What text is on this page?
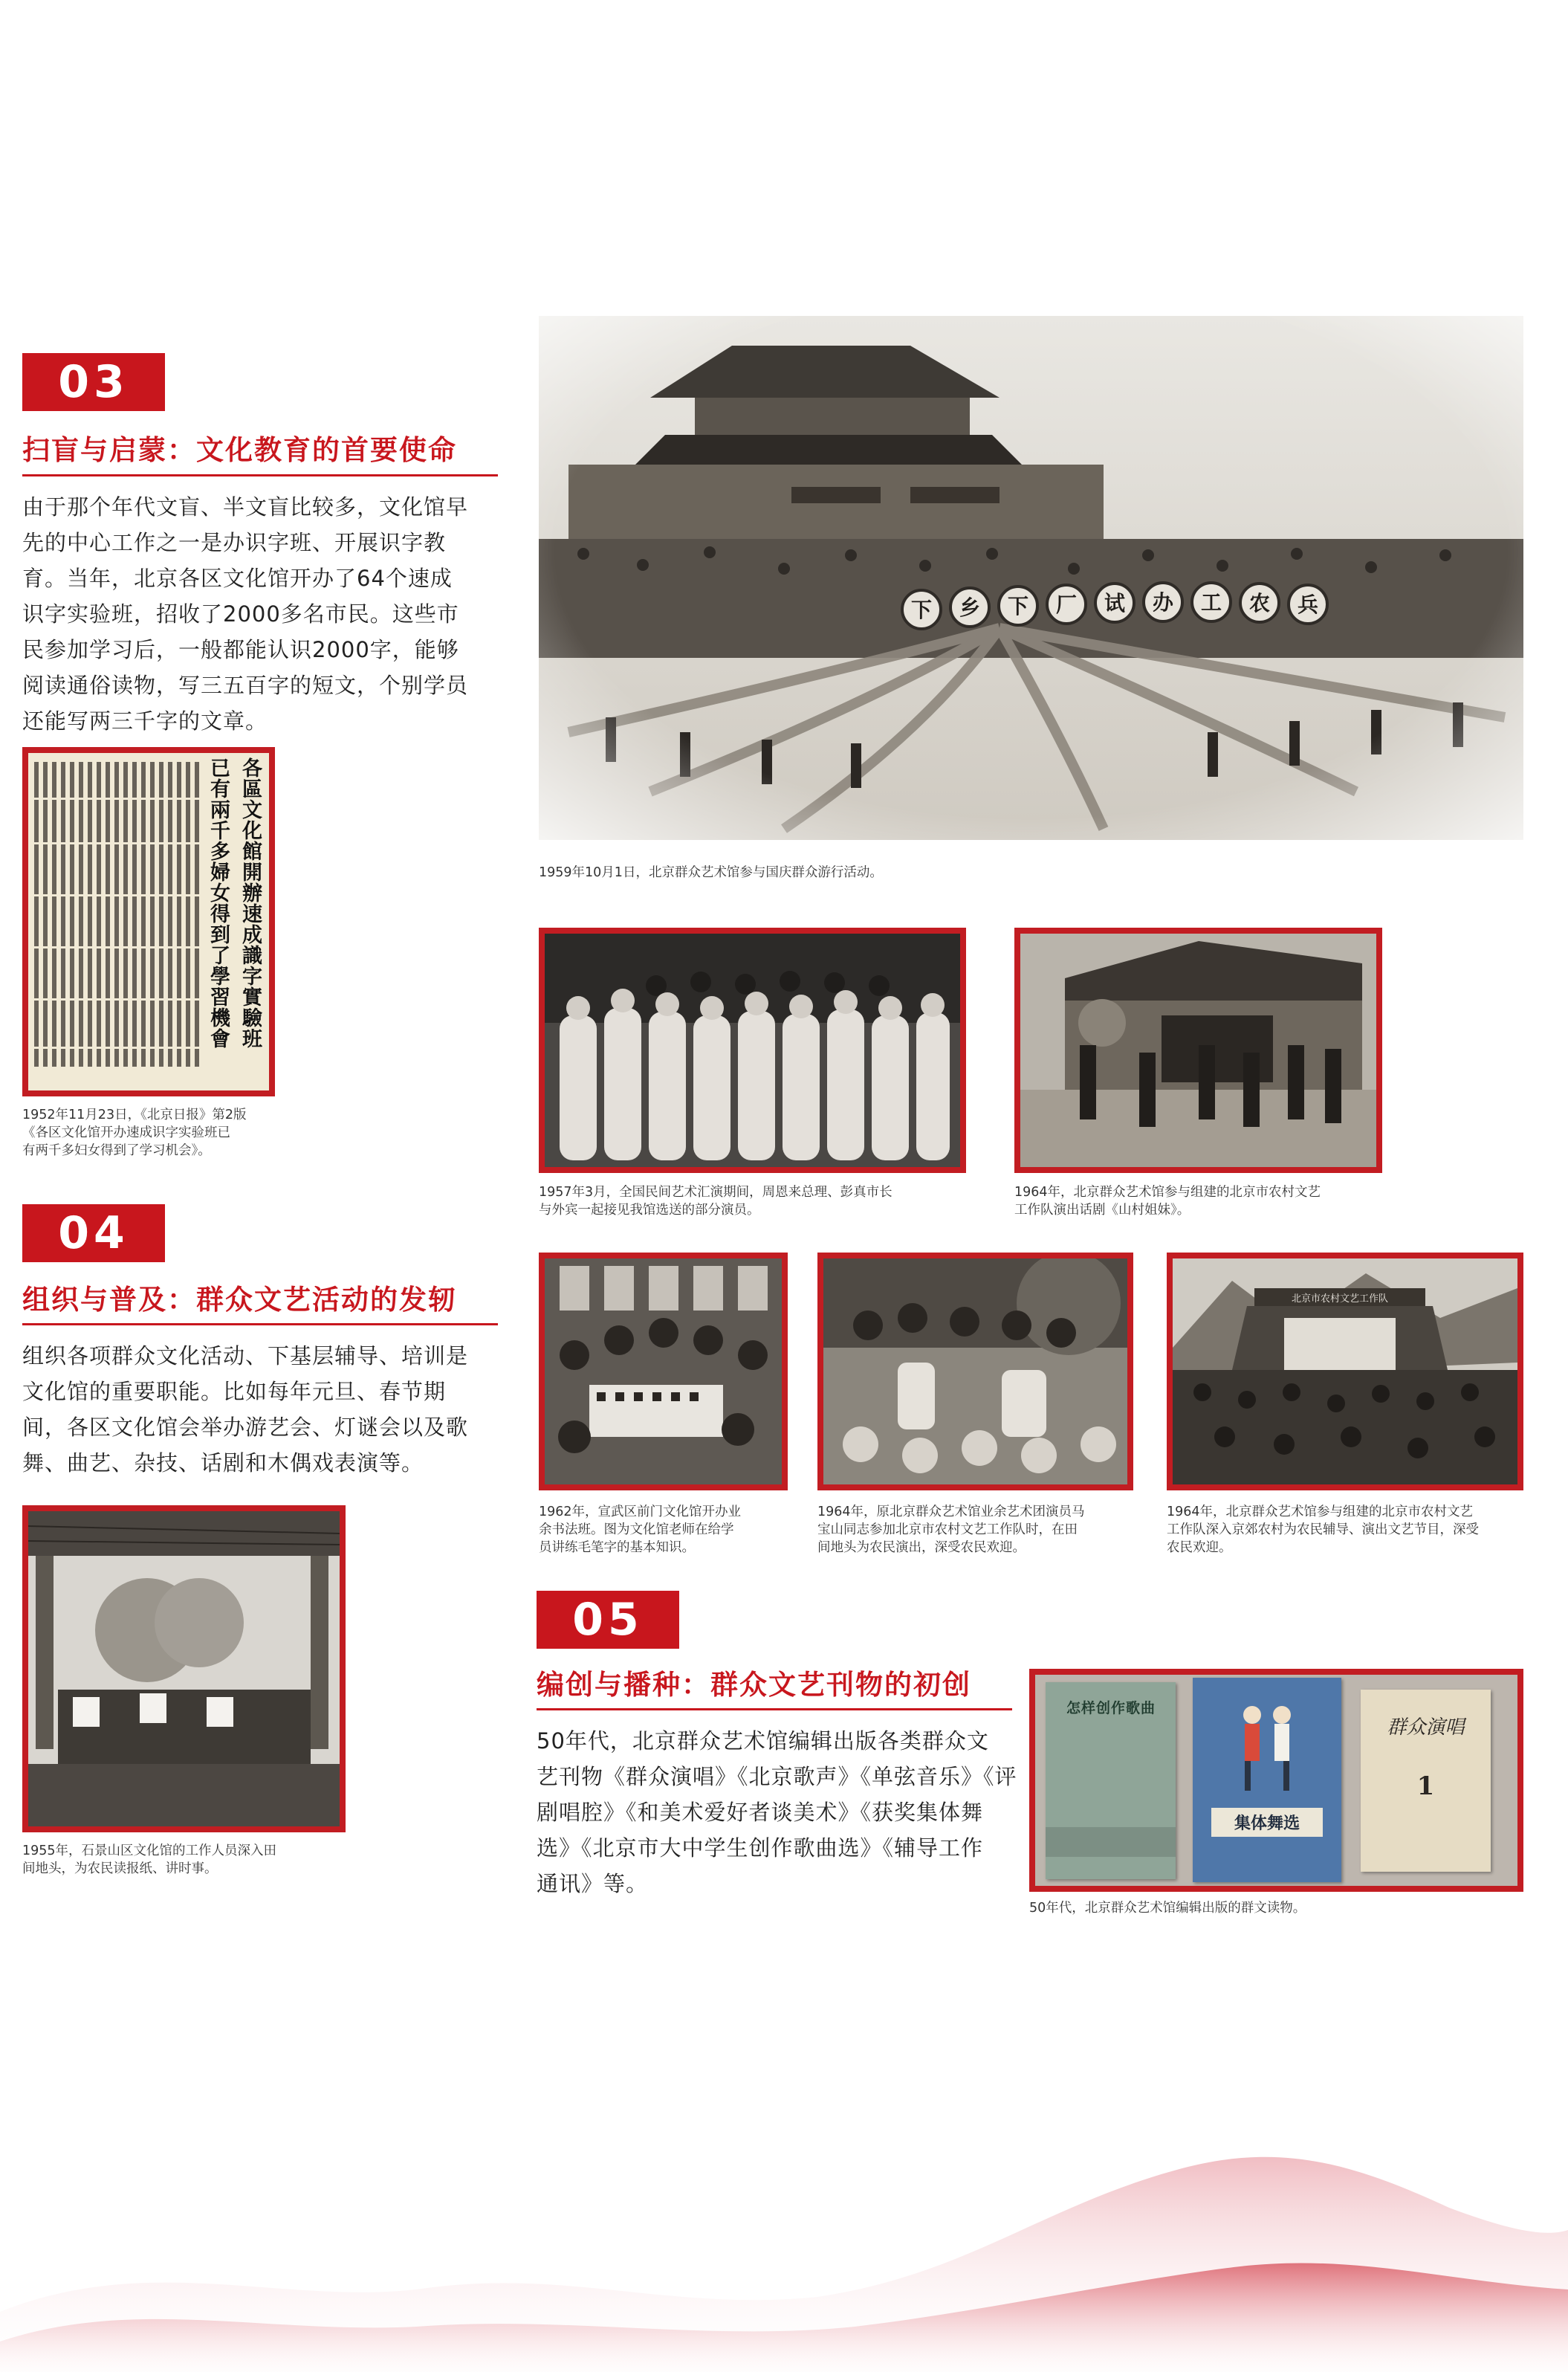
03
扫盲与启蒙：文化教育的首要使命
由于那个年代文盲、半文盲比较多，文化馆早
先的中心工作之一是办识字班、开展识字教
育。当年，北京各区文化馆开办了64个速成
识字实验班，招收了2000多名市民。这些市
民参加学习后，一般都能认识2000字，能够
阅读通俗读物，写三五百字的短文，个别学员
还能写两三千字的文章。
各區文化館開辦速成識字實驗班
已有兩千多婦女得到了學習機會
1952年11月23日，《北京日报》第2版
《各区文化馆开办速成识字实验班已
有两千多妇女得到了学习机会》。
下 乡 下 厂 试 办 工 农 兵
1959年10月1日，北京群众艺术馆参与国庆群众游行活动。
1957年3月，全国民间艺术汇演期间，周恩来总理、彭真市长
与外宾一起接见我馆选送的部分演员。
1964年，北京群众艺术馆参与组建的北京市农村文艺
工作队演出话剧《山村姐妹》。
04
组织与普及：群众文艺活动的发轫
组织各项群众文化活动、下基层辅导、培训是
文化馆的重要职能。比如每年元旦、春节期
间，各区文化馆会举办游艺会、灯谜会以及歌
舞、曲艺、杂技、话剧和木偶戏表演等。
1955年，石景山区文化馆的工作人员深入田
间地头，为农民读报纸、讲时事。
1962年，宣武区前门文化馆开办业
余书法班。图为文化馆老师在给学
员讲练毛笔字的基本知识。
1964年，原北京群众艺术馆业余艺术团演员马
宝山同志参加北京市农村文艺工作队时，在田
间地头为农民演出，深受农民欢迎。
北京市农村文艺工作队
1964年，北京群众艺术馆参与组建的北京市农村文艺
工作队深入京郊农村为农民辅导、演出文艺节目，深受
农民欢迎。
05
编创与播种：群众文艺刊物的初创
50年代，北京群众艺术馆编辑出版各类群众文
艺刊物《群众演唱》《北京歌声》《单弦音乐》《评
剧唱腔》《和美术爱好者谈美术》《获奖集体舞
选》《北京市大中学生创作歌曲选》《辅导工作
通讯》等。
怎样创作歌曲
集体舞选
群众演唱
1
50年代，北京群众艺术馆编辑出版的群文读物。
